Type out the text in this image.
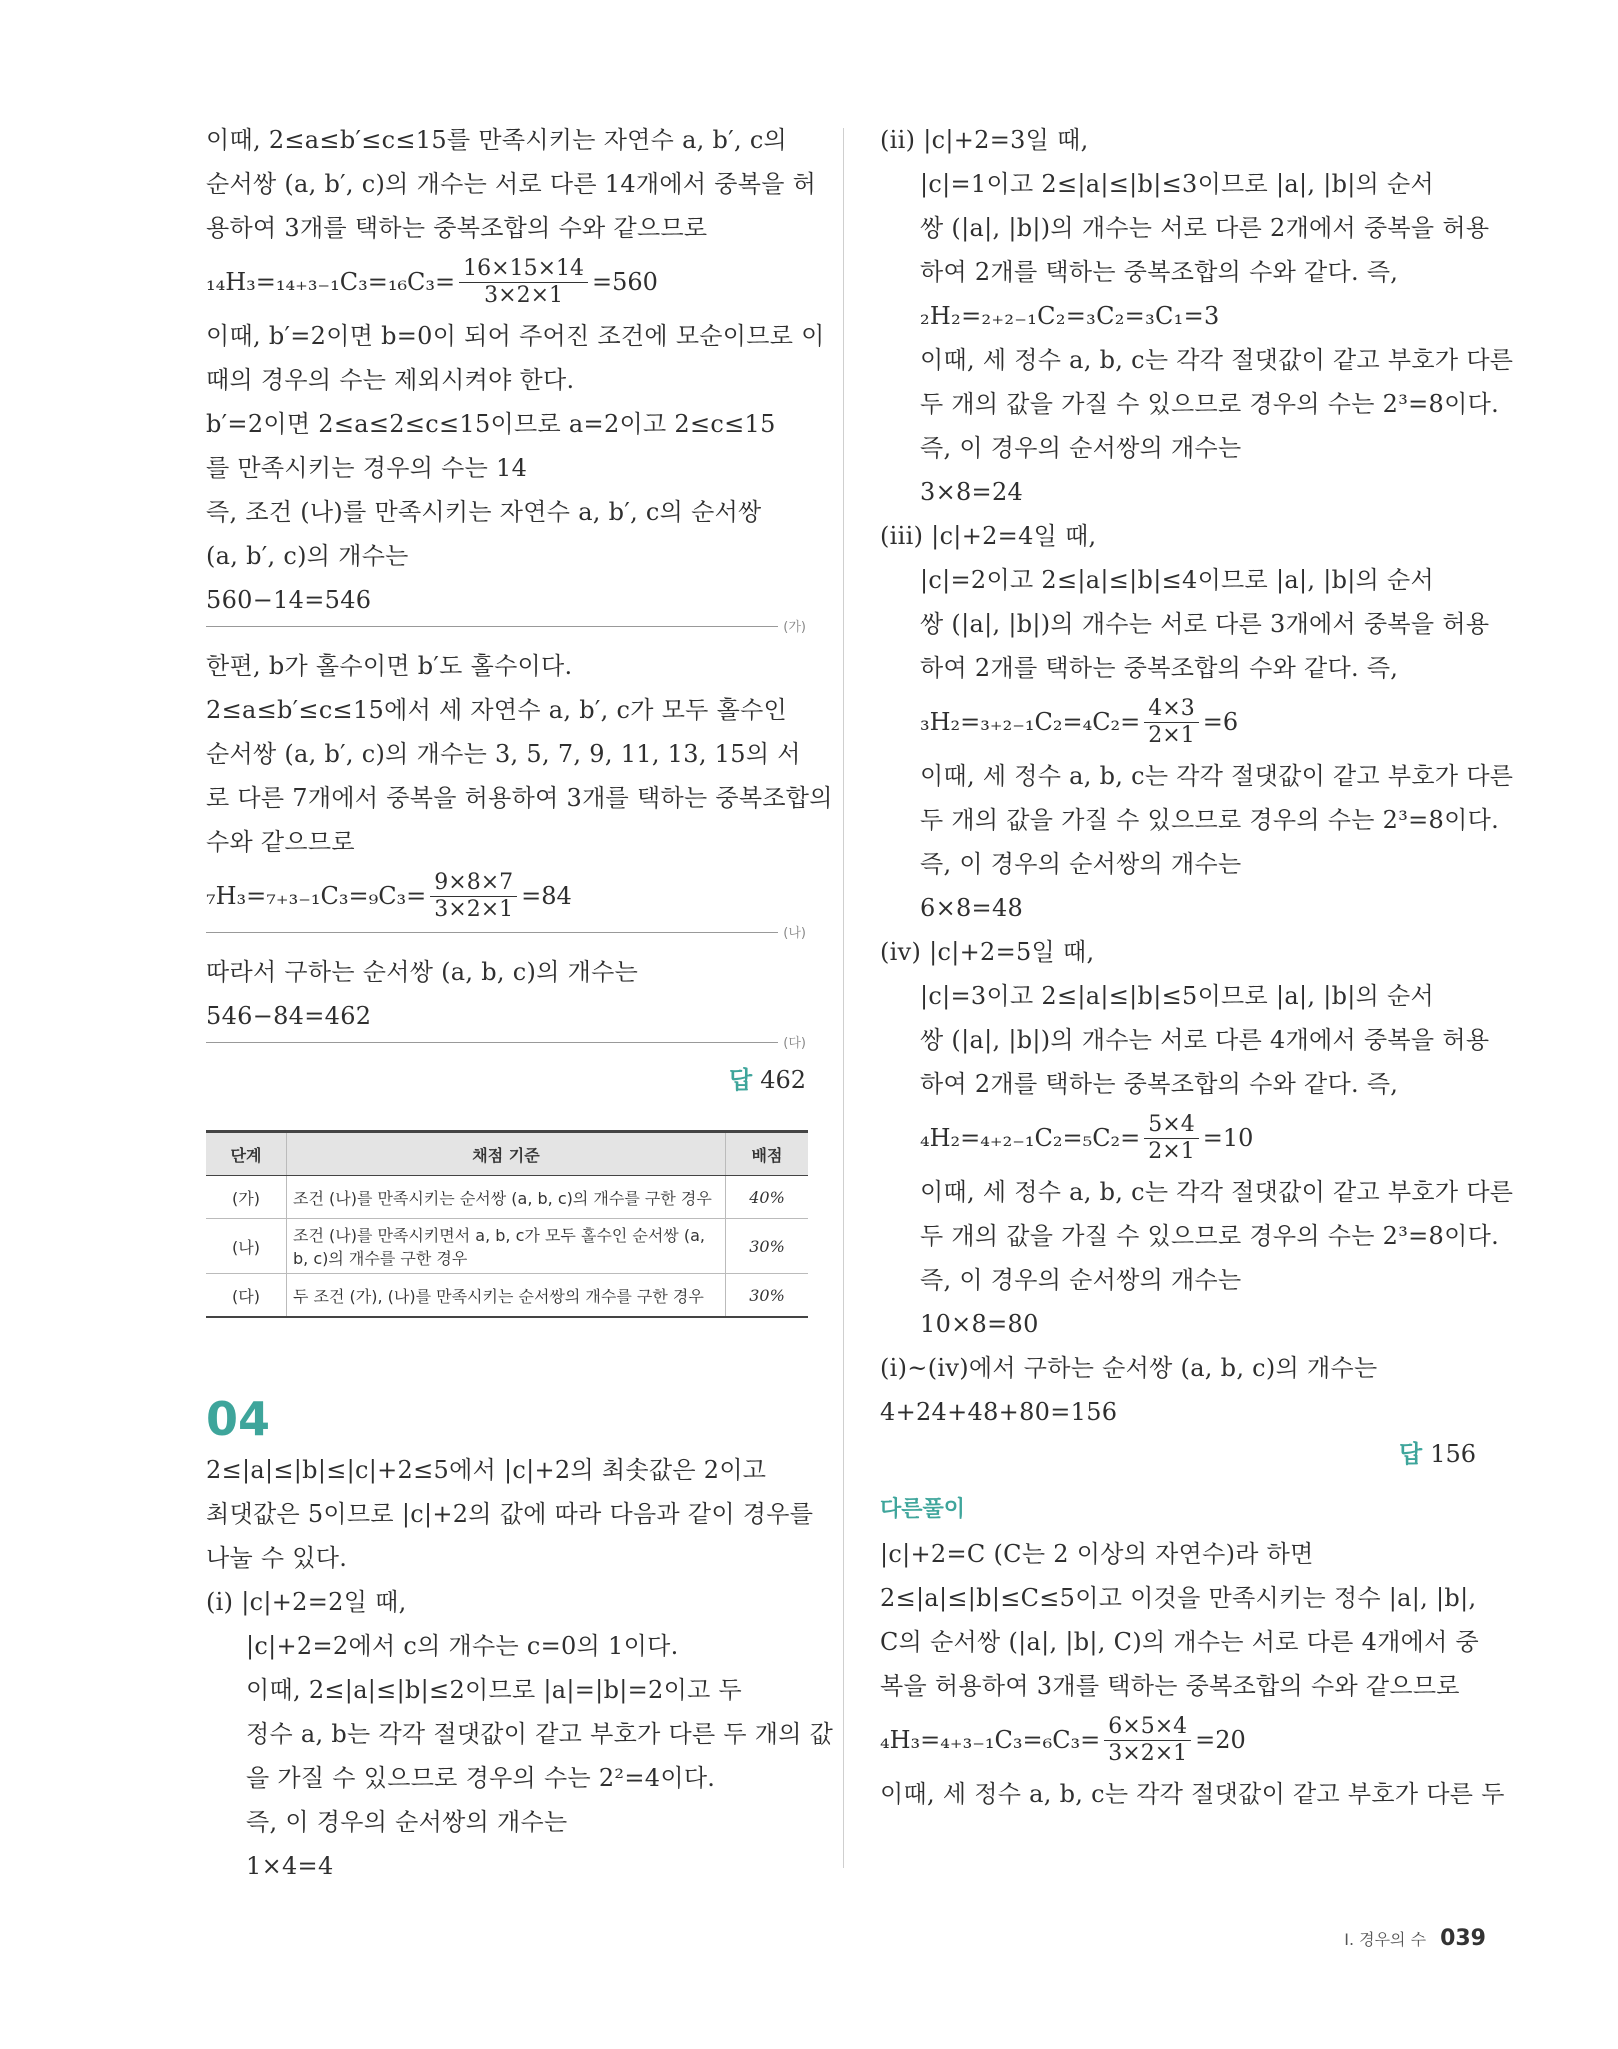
이때, 2≤a≤b′≤c≤15를 만족시키는 자연수 a, b′, c의
순서쌍 (a, b′, c)의 개수는 서로 다른 14개에서 중복을 허
용하여 3개를 택하는 중복조합의 수와 같으므로
$_{14}H_3=_{14+3-1}C_3=_{16}C_3= \frac{16\times 15\times 14}{3\times 2\times 1} =560$
이때, b′=2이면 b=0이 되어 주어진 조건에 모순이므로 이
때의 경우의 수는 제외시켜야 한다.
b′=2이면 2≤a≤2≤c≤15이므로 a=2이고 2≤c≤15
를 만족시키는 경우의 수는 14
즉, 조건 (나)를 만족시키는 자연수 a, b′, c의 순서쌍
(a, b′, c)의 개수는
560−14=546
(가)
한편, b가 홀수이면 b′도 홀수이다.
2≤a≤b′≤c≤15에서 세 자연수 a, b′, c가 모두 홀수인
순서쌍 (a, b′, c)의 개수는 3, 5, 7, 9, 11, 13, 15의 서
로 다른 7개에서 중복을 허용하여 3개를 택하는 중복조합의
수와 같으므로
$_7H_3=_{7+3-1}C_3=_9C_3= \frac{9\times 8\times 7}{3\times 2\times 1} =84$
(나)
따라서 구하는 순서쌍 (a, b, c)의 개수는
546−84=462
(다)
답 462
단계	채점 기준	배점
(가)	조건 (나)를 만족시키는 순서쌍 (a, b, c)의 개수를 구한 경우	40%
(나)	조건 (나)를 만족시키면서 a, b, c가 모두 홀수인 순서쌍 (a, b, c)의 개수를 구한 경우	30%
(다)	두 조건 (가), (나)를 만족시키는 순서쌍의 개수를 구한 경우	30%
04
2≤|a|≤|b|≤|c|+2≤5에서 |c|+2의 최솟값은 2이고
최댓값은 5이므로 |c|+2의 값에 따라 다음과 같이 경우를
나눌 수 있다.
(i) |c|+2=2일 때,
|c|+2=2에서 c의 개수는 c=0의 1이다.
이때, 2≤|a|≤|b|≤2이므로 |a|=|b|=2이고 두
정수 a, b는 각각 절댓값이 같고 부호가 다른 두 개의 값
을 가질 수 있으므로 경우의 수는 2²=4이다.
즉, 이 경우의 순서쌍의 개수는
1×4=4
(ii) |c|+2=3일 때,
|c|=1이고 2≤|a|≤|b|≤3이므로 |a|, |b|의 순서
쌍 (|a|, |b|)의 개수는 서로 다른 2개에서 중복을 허용
하여 2개를 택하는 중복조합의 수와 같다. 즉,
₂H₂=₂₊₂₋₁C₂=₃C₂=₃C₁=3
이때, 세 정수 a, b, c는 각각 절댓값이 같고 부호가 다른
두 개의 값을 가질 수 있으므로 경우의 수는 2³=8이다.
즉, 이 경우의 순서쌍의 개수는
3×8=24
(iii) |c|+2=4일 때,
|c|=2이고 2≤|a|≤|b|≤4이므로 |a|, |b|의 순서
쌍 (|a|, |b|)의 개수는 서로 다른 3개에서 중복을 허용
하여 2개를 택하는 중복조합의 수와 같다. 즉,
$_3H_2=_{3+2-1}C_2=_4C_2= \frac{4\times 3}{2\times 1} =6$
이때, 세 정수 a, b, c는 각각 절댓값이 같고 부호가 다른
두 개의 값을 가질 수 있으므로 경우의 수는 2³=8이다.
즉, 이 경우의 순서쌍의 개수는
6×8=48
(iv) |c|+2=5일 때,
|c|=3이고 2≤|a|≤|b|≤5이므로 |a|, |b|의 순서
쌍 (|a|, |b|)의 개수는 서로 다른 4개에서 중복을 허용
하여 2개를 택하는 중복조합의 수와 같다. 즉,
$_4H_2=_{4+2-1}C_2=_5C_2= \frac{5\times 4}{2\times 1} =10$
이때, 세 정수 a, b, c는 각각 절댓값이 같고 부호가 다른
두 개의 값을 가질 수 있으므로 경우의 수는 2³=8이다.
즉, 이 경우의 순서쌍의 개수는
10×8=80
(i)~(iv)에서 구하는 순서쌍 (a, b, c)의 개수는
4+24+48+80=156
답 156
다른풀이
|c|+2=C (C는 2 이상의 자연수)라 하면
2≤|a|≤|b|≤C≤5이고 이것을 만족시키는 정수 |a|, |b|,
C의 순서쌍 (|a|, |b|, C)의 개수는 서로 다른 4개에서 중
복을 허용하여 3개를 택하는 중복조합의 수와 같으므로
$_4H_3=_{4+3-1}C_3=_6C_3= \frac{6\times 5\times 4}{3\times 2\times 1} =20$
이때, 세 정수 a, b, c는 각각 절댓값이 같고 부호가 다른 두
Ⅰ. 경우의 수 039
